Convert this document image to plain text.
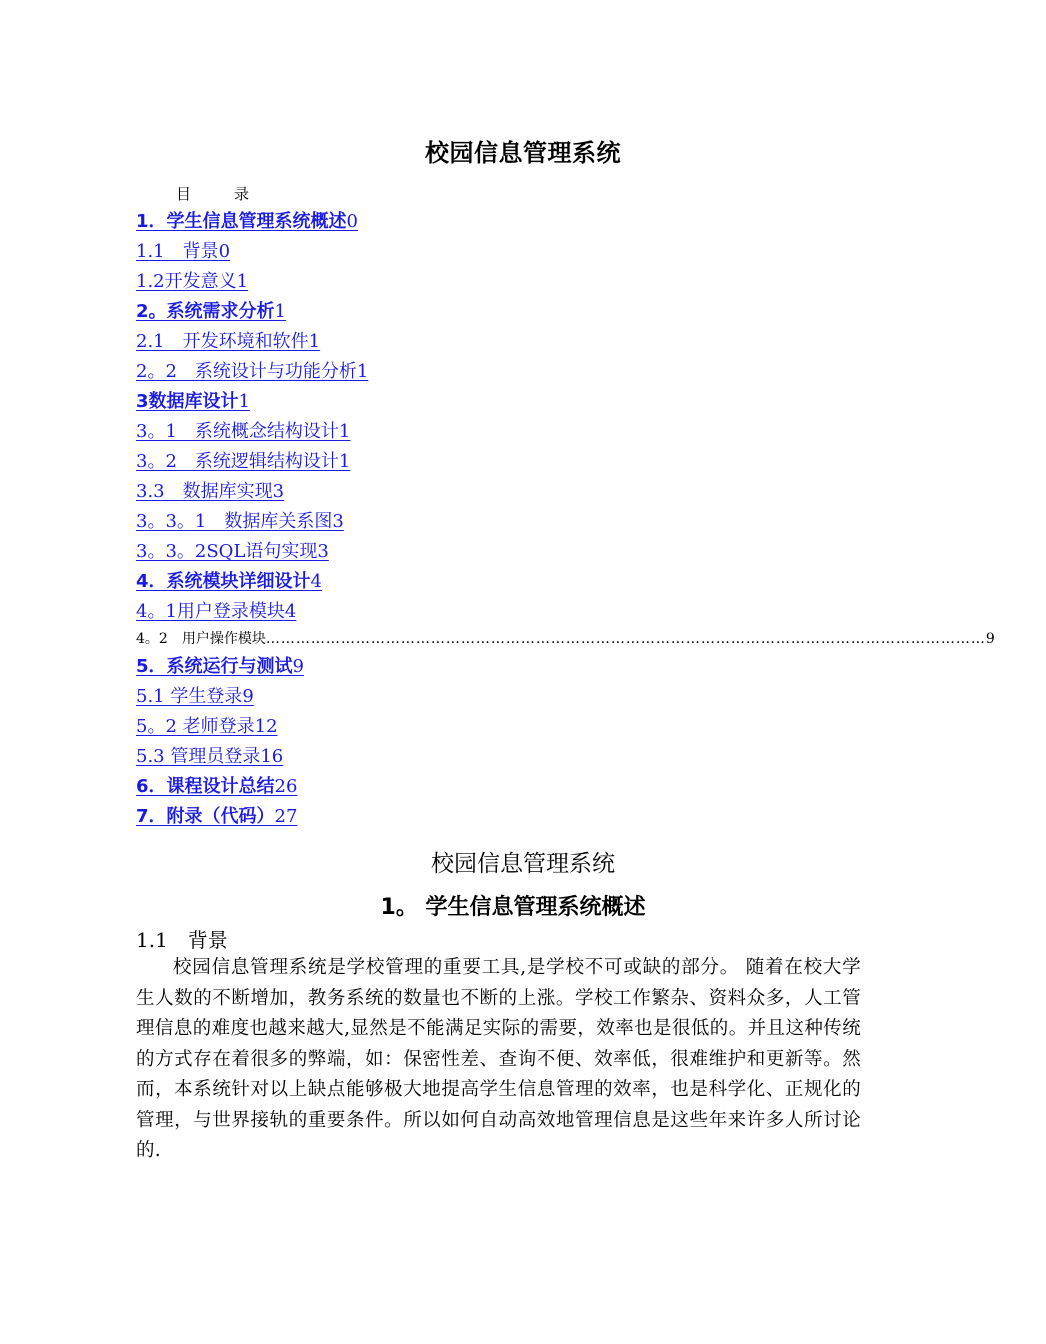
校园信息管理系统
目　录
1．学生信息管理系统概述0
1.1　背景0
1.2开发意义1
2。系统需求分析1
2.1　开发环境和软件1
2。2　系统设计与功能分析1
3数据库设计1
3。1　系统概念结构设计1
3。2　系统逻辑结构设计1
3.3　数据库实现3
3。3。1　数据库关系图3
3。3。2SQL语句实现3
4．系统模块详细设计4
4。1用户登录模块4
4。2　用户操作模块 ……………………………………………………………………………………………………………………………… 9
5．系统运行与测试9
5.1 学生登录9
5。2 老师登录12
5.3 管理员登录16
6．课程设计总结26
7．附录（代码）27
校园信息管理系统
1。 学生信息管理系统概述
1.1　背景
校园信息管理系统是学校管理的重要工具,是学校不可或缺的部分。 随着在校大学生人数的不断增加，教务系统的数量也不断的上涨。学校工作繁杂、资料众多，人工管理信息的难度也越来越大,显然是不能满足实际的需要，效率也是很低的。并且这种传统的方式存在着很多的弊端，如：保密性差、查询不便、效率低，很难维护和更新等。然而，本系统针对以上缺点能够极大地提高学生信息管理的效率，也是科学化、正规化的管理，与世界接轨的重要条件。所以如何自动高效地管理信息是这些年来许多人所讨论的.
